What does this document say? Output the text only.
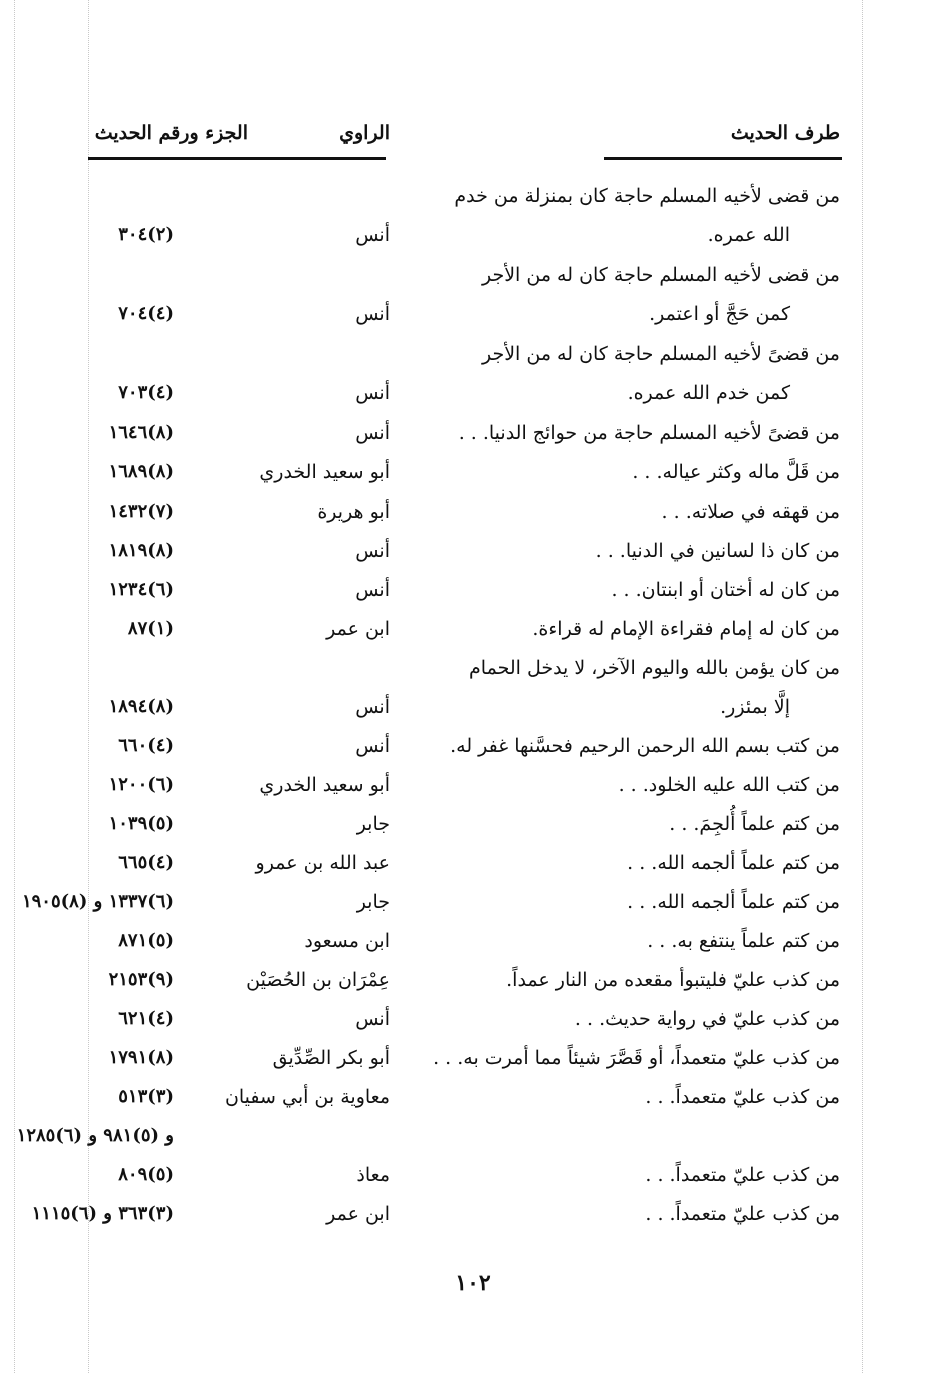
طرف الحديث
الراوي
الجزء ورقم الحديث
من قضى لأخيه المسلم حاجة كان بمنزلة من خدم
الله عمره.
أنس
(٢)٣٠٤
من قضى لأخيه المسلم حاجة كان له من الأجر
كمن حَجَّ أو اعتمر.
أنس
(٤)٧٠٤
من قضىً لأخيه المسلم حاجة كان له من الأجر
كمن خدم الله عمره.
أنس
(٤)٧٠٣
من قضىً لأخيه المسلم حاجة من حوائج الدنيا. . .
أنس
(٨)١٦٤٦
من قَلَّ ماله وكثر عياله. . .
أبو سعيد الخدري
(٨)١٦٨٩
من قهقه في صلاته. . .
أبو هريرة
(٧)١٤٣٢
من كان ذا لسانين في الدنيا. . .
أنس
(٨)١٨١٩
من كان له أختان أو ابنتان. . .
أنس
(٦)١٢٣٤
من كان له إمام فقراءة الإمام له قراءة.
ابن عمر
(١)٨٧
من كان يؤمن بالله واليوم الآخر، لا يدخل الحمام
إلَّا بمئزر.
أنس
(٨)١٨٩٤
من كتب بسم الله الرحمن الرحيم فحسَّنها غفر له.
أنس
(٤)٦٦٠
من كتب الله عليه الخلود. . .
أبو سعيد الخدري
(٦)١٢٠٠
من كتم علماً أُلجِمَ. . .
جابر
(٥)١٠٣٩
من كتم علماً ألجمه الله. . .
عبد الله بن عمرو
(٤)٦٦٥
من كتم علماً ألجمه الله. . .
جابر
(٦)١٣٣٧ و (٨)١٩٠٥
من كتم علماً ينتفع به. . .
ابن مسعود
(٥)٨٧١
من كذب عليّ فليتبوأ مقعده من النار عمداً.
عِمْرَان بن الحُصَيْن
(٩)٢١٥٣
من كذب عليّ في رواية حديث. . .
أنس
(٤)٦٢١
من كذب عليّ متعمداً، أو قَصَّرَ شيئاً مما أمرت به. . .
أبو بكر الصِّدِّيق
(٨)١٧٩١
من كذب عليّ متعمداً. . .
معاوية بن أبي سفيان
(٣)٥١٣
و (٥)٩٨١ و (٦)١٢٨٥
من كذب عليّ متعمداً. . .
معاذ
(٥)٨٠٩
من كذب عليّ متعمداً. . .
ابن عمر
(٣)٣٦٣ و (٦)١١١٥
١٠٢
